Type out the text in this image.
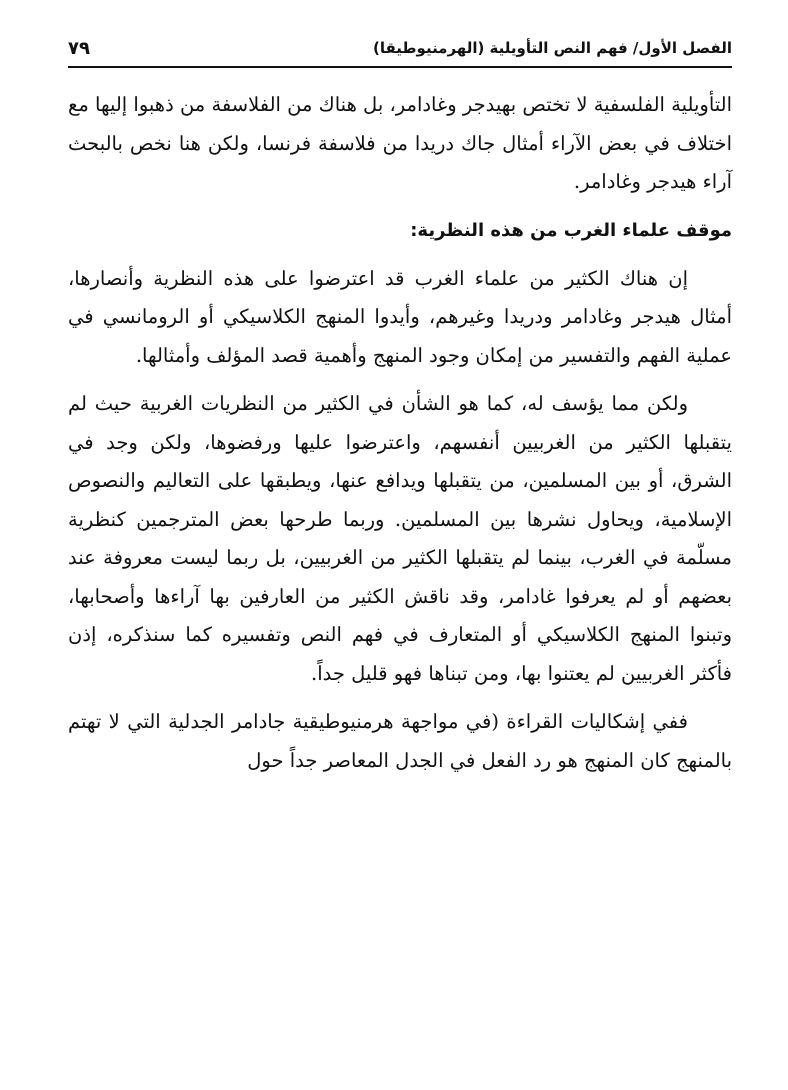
الفصل الأول/ فهم النص التأويلية (الهرمنيوطيقا)
٧٩

التأويلية الفلسفية لا تختص بهيدجر وغادامر، بل هناك من الفلاسفة من ذهبوا إليها مع اختلاف في بعض الآراء أمثال جاك دريدا من فلاسفة فرنسا، ولكن هنا نخص بالبحث آراء هيدجر وغادامر.

موقف علماء الغرب من هذه النظرية:

إن هناك الكثير من علماء الغرب قد اعترضوا على هذه النظرية وأنصارها، أمثال هيدجر وغادامر ودريدا وغيرهم، وأيدوا المنهج الكلاسيكي أو الرومانسي في عملية الفهم والتفسير من إمكان وجود المنهج وأهمية قصد المؤلف وأمثالها.

ولكن مما يؤسف له، كما هو الشأن في الكثير من النظريات الغربية حيث لم يتقبلها الكثير من الغربيين أنفسهم، واعترضوا عليها ورفضوها، ولكن وجد في الشرق، أو بين المسلمين، من يتقبلها ويدافع عنها، ويطبقها على التعاليم والنصوص الإسلامية، ويحاول نشرها بين المسلمين. وربما طرحها بعض المترجمين كنظرية مسلّمة في الغرب، بينما لم يتقبلها الكثير من الغربيين، بل ربما ليست معروفة عند بعضهم أو لم يعرفوا غادامر، وقد ناقش الكثير من العارفين بها آراءها وأصحابها، وتبنوا المنهج الكلاسيكي أو المتعارف في فهم النص وتفسيره كما سنذكره، إذن فأكثر الغربيين لم يعتنوا بها، ومن تبناها فهو قليل جداً.

ففي إشكاليات القراءة (في مواجهة هرمنيوطيقية جادامر الجدلية التي لا تهتم بالمنهج كان المنهج هو رد الفعل في الجدل المعاصر جداً حول
